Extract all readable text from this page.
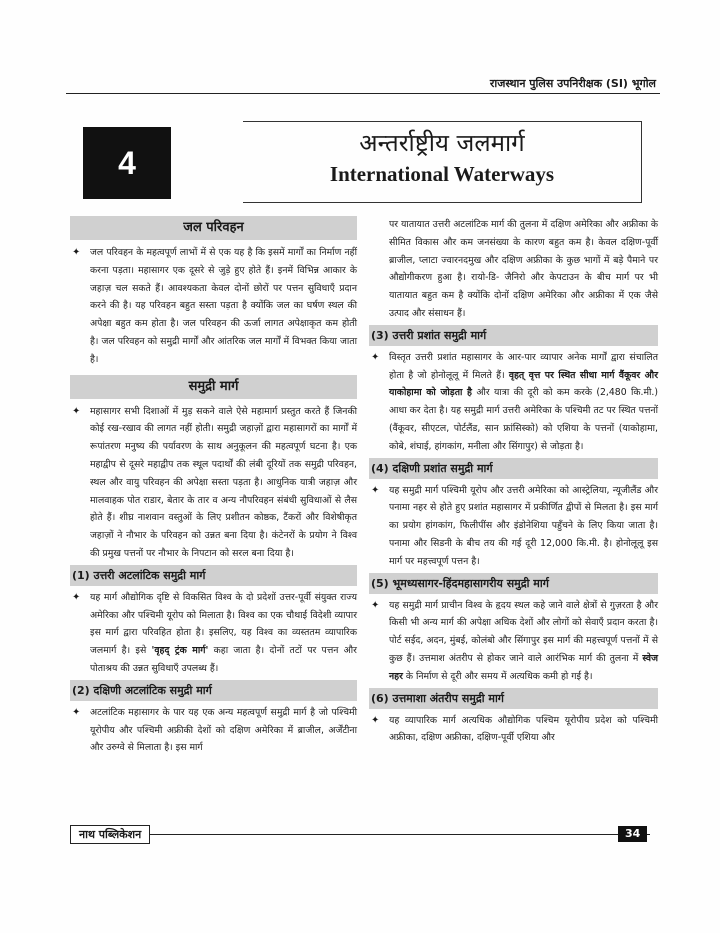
राजस्थान पुलिस उपनिरीक्षक (SI) भूगोल
4
अन्तर्राष्ट्रीय जलमार्ग
International Waterways
जल परिवहन
✦ जल परिवहन के महत्वपूर्ण लाभों में से एक यह है कि इसमें मार्गों का निर्माण नहीं करना पड़ता। महासागर एक दूसरे से जुड़े हुए होते हैं। इनमें विभिन्न आकार के जहाज़ चल सकते हैं। आवश्यकता केवल दोनों छोरों पर पत्तन सुविधाएँ प्रदान करने की है। यह परिवहन बहुत सस्ता पड़ता है क्योंकि जल का घर्षण स्थल की अपेक्षा बहुत कम होता है। जल परिवहन की ऊर्जा लागत अपेक्षाकृत कम होती है। जल परिवहन को समुद्री मार्गों और आंतरिक जल मार्गों में विभक्त किया जाता है।
समुद्री मार्ग
✦ महासागर सभी दिशाओं में मुड़ सकने वाले ऐसे महामार्ग प्रस्तुत करते हैं जिनकी कोई रख-रखाव की लागत नहीं होती। समुद्री जहाज़ों द्वारा महासागरों का मार्गों में रूपांतरण मनुष्य की पर्यावरण के साथ अनुकूलन की महत्वपूर्ण घटना है। एक महाद्वीप से दूसरे महाद्वीप तक स्थूल पदार्थों की लंबी दूरियों तक समुद्री परिवहन, स्थल और वायु परिवहन की अपेक्षा सस्ता पड़ता है। आधुनिक यात्री जहाज़ और मालवाहक पोत राडार, बेतार के तार व अन्य नौपरिवहन संबंधी सुविधाओं से लैस होते हैं। शीघ्र नाशवान वस्तुओं के लिए प्रशीतन कोष्ठक, टैंकरों और विशेषीकृत जहाज़ों ने नौभार के परिवहन को उन्नत बना दिया है। कंटेनरों के प्रयोग ने विश्व की प्रमुख पत्तनों पर नौभार के निपटान को सरल बना दिया है।
(1) उत्तरी अटलांटिक समुद्री मार्ग
✦ यह मार्ग औद्योगिक दृष्टि से विकसित विश्व के दो प्रदेशों उत्तर-पूर्वी संयुक्त राज्य अमेरिका और पश्चिमी यूरोप को मिलाता है। विश्व का एक चौथाई विदेशी व्यापार इस मार्ग द्वारा परिवहित होता है। इसलिए, यह विश्व का व्यस्ततम व्यापारिक जलमार्ग है। इसे 'वृहद् ट्रंक मार्ग' कहा जाता है। दोनों तटों पर पत्तन और पोताश्रय की उन्नत सुविधाएँ उपलब्ध हैं।
(2) दक्षिणी अटलांटिक समुद्री मार्ग
✦ अटलांटिक महासागर के पार यह एक अन्य महत्वपूर्ण समुद्री मार्ग है जो पश्चिमी यूरोपीय और पश्चिमी अफ्रीकी देशों को दक्षिण अमेरिका में ब्राजील, अर्जेंटीना और उरुग्वे से मिलाता है। इस मार्ग
पर यातायात उत्तरी अटलांटिक मार्ग की तुलना में दक्षिण अमेरिका और अफ्रीका के सीमित विकास और कम जनसंख्या के कारण बहुत कम है। केवल दक्षिण-पूर्वी ब्राजील, प्लाटा ज्वारनदमुख और दक्षिण अफ्रीका के कुछ भागों में बड़े पैमाने पर औद्योगीकरण हुआ है। रायो-डि- जैनिरो और केपटाउन के बीच मार्ग पर भी यातायात बहुत कम है क्योंकि दोनों दक्षिण अमेरिका और अफ्रीका में एक जैसे उत्पाद और संसाधन हैं।
(3) उत्तरी प्रशांत समुद्री मार्ग
✦ विस्तृत उत्तरी प्रशांत महासागर के आर-पार व्यापार अनेक मार्गों द्वारा संचालित होता है जो होनोलूलू में मिलते हैं। वृहत् वृत्त पर स्थित सीधा मार्ग वैंकूवर और याकोहामा को जोड़ता है और यात्रा की दूरी को कम करके (2,480 कि.मी.) आधा कर देता है। यह समुद्री मार्ग उत्तरी अमेरिका के पश्चिमी तट पर स्थित पत्तनों (वैंकूवर, सीएटल, पोर्टलैंड, सान फ्रांसिस्को) को एशिया के पत्तनों (याकोहामा, कोबे, शंघाई, हांगकांग, मनीला और सिंगापुर) से जोड़ता है।
(4) दक्षिणी प्रशांत समुद्री मार्ग
✦ यह समुद्री मार्ग पश्चिमी यूरोप और उत्तरी अमेरिका को आस्ट्रेलिया, न्यूजीलैंड और पनामा नहर से होते हुए प्रशांत महासागर में प्रकीर्णित द्वीपों से मिलता है। इस मार्ग का प्रयोग हांगकांग, फिलीपींस और इंडोनेशिया पहुँचने के लिए किया जाता है। पनामा और सिडनी के बीच तय की गई दूरी 12,000 कि.मी. है। होनोलूलू इस मार्ग पर महत्त्वपूर्ण पत्तन है।
(5) भूमध्यसागर-हिंदमहासागरीय समुद्री मार्ग
✦ यह समुद्री मार्ग प्राचीन विश्व के हृदय स्थल कहे जाने वाले क्षेत्रों से गुज़रता है और किसी भी अन्य मार्ग की अपेक्षा अधिक देशों और लोगों को सेवाएँ प्रदान करता है। पोर्ट सईद, अदन, मुंबई, कोलंबो और सिंगापुर इस मार्ग की महत्त्वपूर्ण पत्तनों में से कुछ हैं। उत्तमाश अंतरीप से होकर जाने वाले आरंभिक मार्ग की तुलना में स्वेज नहर के निर्माण से दूरी और समय में अत्यधिक कमी हो गई है।
(6) उत्तमाशा अंतरीप समुद्री मार्ग
✦ यह व्यापारिक मार्ग अत्यधिक औद्योगिक पश्चिम यूरोपीय प्रदेश को पश्चिमी अफ्रीका, दक्षिण अफ्रीका, दक्षिण-पूर्वी एशिया और
नाथ पब्लिकेशन	34
